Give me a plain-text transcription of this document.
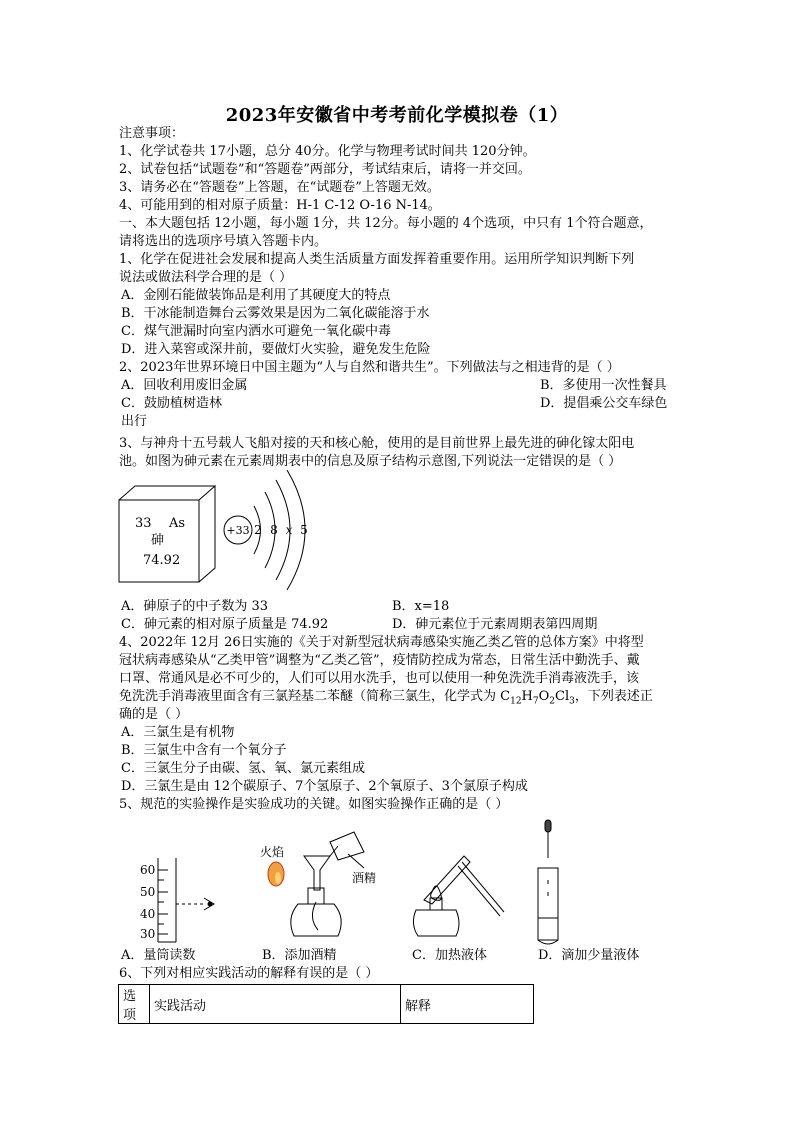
2023年安徽省中考考前化学模拟卷（1）
注意事项：
1、化学试卷共 17小题，总分 40分。化学与物理考试时间共 120分钟。
2、试卷包括“试题卷”和“答题卷”两部分，考试结束后，请将一并交回。
3、请务必在“答题卷”上答题，在“试题卷”上答题无效。
4、可能用到的相对原子质量：H-1 C-12 O-16 N-14。
一、本大题包括 12小题，每小题 1分，共 12分。每小题的 4个选项，中只有 1个符合题意，
请将选出的选项序号填入答题卡内。
1、化学在促进社会发展和提高人类生活质量方面发挥着重要作用。运用所学知识判断下列
说法或做法科学合理的是（ ）
A．金刚石能做装饰品是利用了其硬度大的特点
B．干冰能制造舞台云雾效果是因为二氧化碳能溶于水
C．煤气泄漏时向室内洒水可避免一氧化碳中毒
D．进入菜窖或深井前，要做灯火实验，避免发生危险
2、2023年世界环境日中国主题为“人与自然和谐共生”。下列做法与之相违背的是（ ）
A．回收利用废旧金属	B．多使用一次性餐具
C．鼓励植树造林	D．提倡乘公交车绿色
出行
3、与神舟十五号载人飞船对接的天和核心舱，使用的是目前世界上最先进的砷化镓太阳电
池。如图为砷元素在元素周期表中的信息及原子结构示意图,下列说法一定错误的是（ ）
33 As
砷
74.92
+33 2 8 x 5
A．砷原子的中子数为 33	B．x=18
C．砷元素的相对原子质量是 74.92	D．砷元素位于元素周期表第四周期
4、2022年 12月 26日实施的《关于对新型冠状病毒感染实施乙类乙管的总体方案》中将型
冠状病毒感染从“乙类甲管”调整为“乙类乙管”，疫情防控成为常态，日常生活中勤洗手、戴
口罩、常通风是必不可少的，人们可以用水洗手，也可以使用一种免洗洗手消毒液洗手，该
免洗洗手消毒液里面含有三氯羟基二苯醚（简称三氯生，化学式为 $C_{12}H_7O_2Cl_3$，下列表述正
确的是（ ）
A．三氯生是有机物
B．三氯生中含有一个氧分子
C．三氯生分子由碳、氢、氧、氯元素组成
D．三氯生是由 12个碳原子、7个氢原子、2个氧原子、3个氯原子构成
5、规范的实验操作是实验成功的关键。如图实验操作正确的是（ ）
60
50
40
30
火焰
酒精
A．量筒读数	B．添加酒精	C．加热液体	D．滴加少量液体
6、下列对相应实践活动的解释有误的是（ ）
选项	实践活动	解释
